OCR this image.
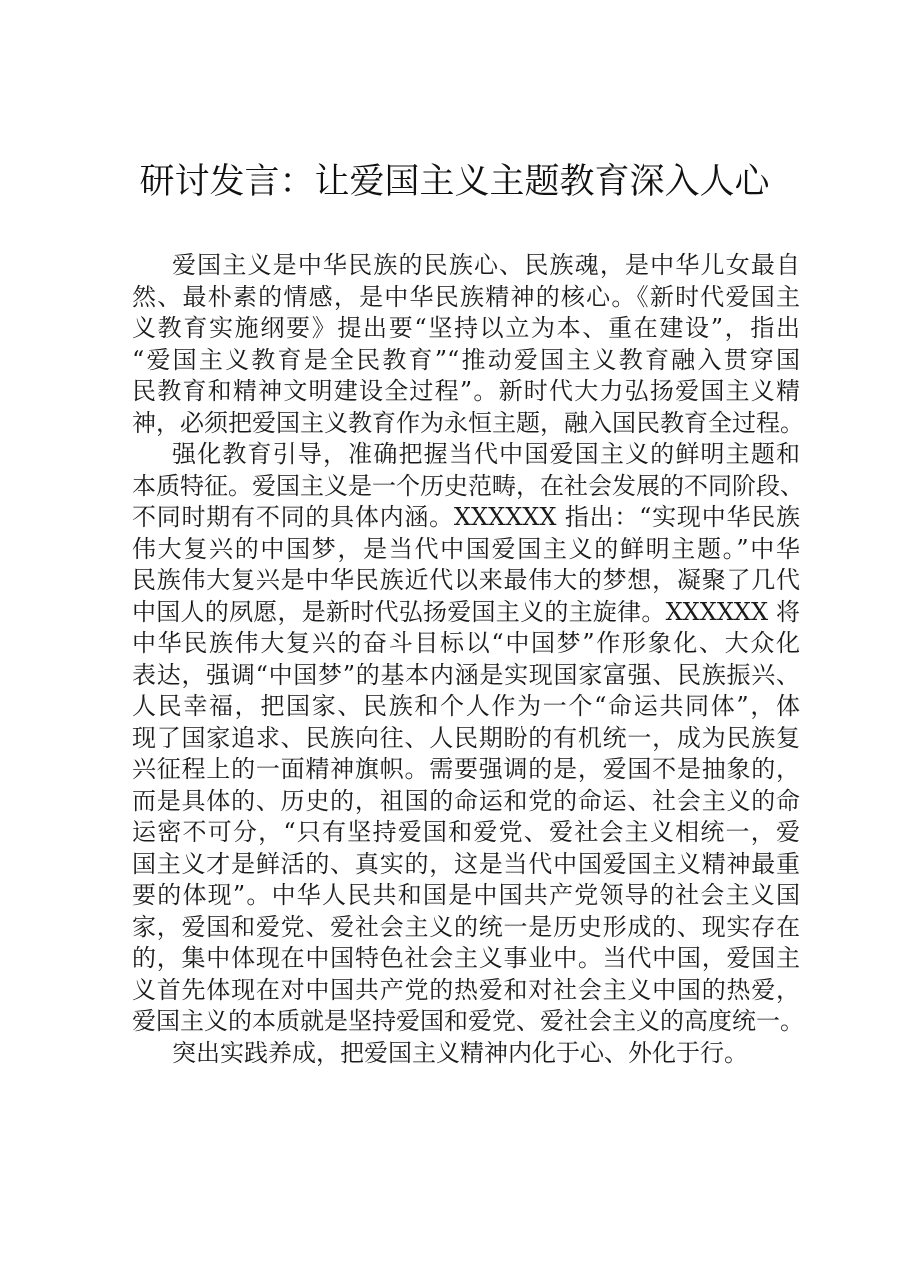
研讨发言：让爱国主义主题教育深入人心
爱国主义是中华民族的民族心、民族魂，是中华儿女最自
然、最朴素的情感，是中华民族精神的核心。《新时代爱国主
义教育实施纲要》提出要“坚持以立为本、重在建设”，指出
“爱国主义教育是全民教育”“推动爱国主义教育融入贯穿国
民教育和精神文明建设全过程”。新时代大力弘扬爱国主义精
神，必须把爱国主义教育作为永恒主题，融入国民教育全过程。
强化教育引导，准确把握当代中国爱国主义的鲜明主题和
本质特征。爱国主义是一个历史范畴，在社会发展的不同阶段、
不同时期有不同的具体内涵。XXXXXX 指出：“实现中华民族
伟大复兴的中国梦，是当代中国爱国主义的鲜明主题。”中华
民族伟大复兴是中华民族近代以来最伟大的梦想，凝聚了几代
中国人的夙愿，是新时代弘扬爱国主义的主旋律。XXXXXX 将
中华民族伟大复兴的奋斗目标以“中国梦”作形象化、大众化
表达，强调“中国梦”的基本内涵是实现国家富强、民族振兴、
人民幸福，把国家、民族和个人作为一个“命运共同体”，体
现了国家追求、民族向往、人民期盼的有机统一，成为民族复
兴征程上的一面精神旗帜。需要强调的是，爱国不是抽象的，
而是具体的、历史的，祖国的命运和党的命运、社会主义的命
运密不可分，“只有坚持爱国和爱党、爱社会主义相统一，爱
国主义才是鲜活的、真实的，这是当代中国爱国主义精神最重
要的体现”。中华人民共和国是中国共产党领导的社会主义国
家，爱国和爱党、爱社会主义的统一是历史形成的、现实存在
的，集中体现在中国特色社会主义事业中。当代中国，爱国主
义首先体现在对中国共产党的热爱和对社会主义中国的热爱，
爱国主义的本质就是坚持爱国和爱党、爱社会主义的高度统一。
突出实践养成，把爱国主义精神内化于心、外化于行。
